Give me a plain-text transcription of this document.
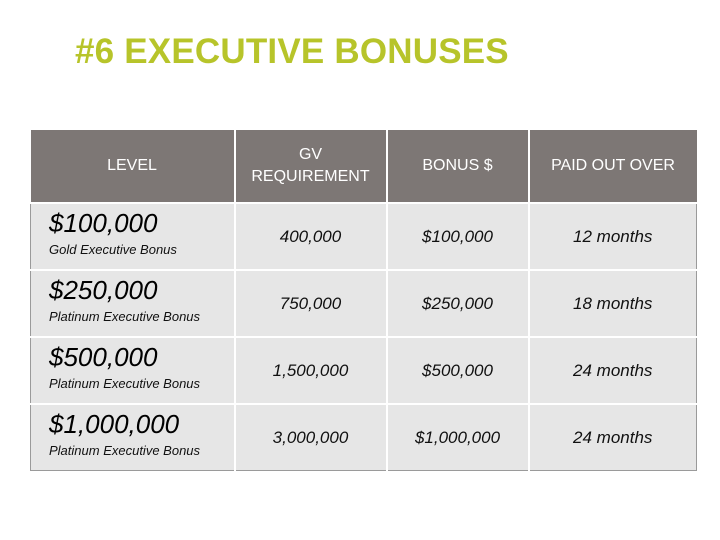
#6 EXECUTIVE BONUSES
LEVEL	GV REQUIREMENT	BONUS $	PAID OUT OVER

$100,000
Gold Executive Bonus	400,000	$100,000	12 months

$250,000
Platinum Executive Bonus	750,000	$250,000	18 months

$500,000
Platinum Executive Bonus	1,500,000	$500,000	24 months

$1,000,000
Platinum Executive Bonus	3,000,000	$1,000,000	24 months
